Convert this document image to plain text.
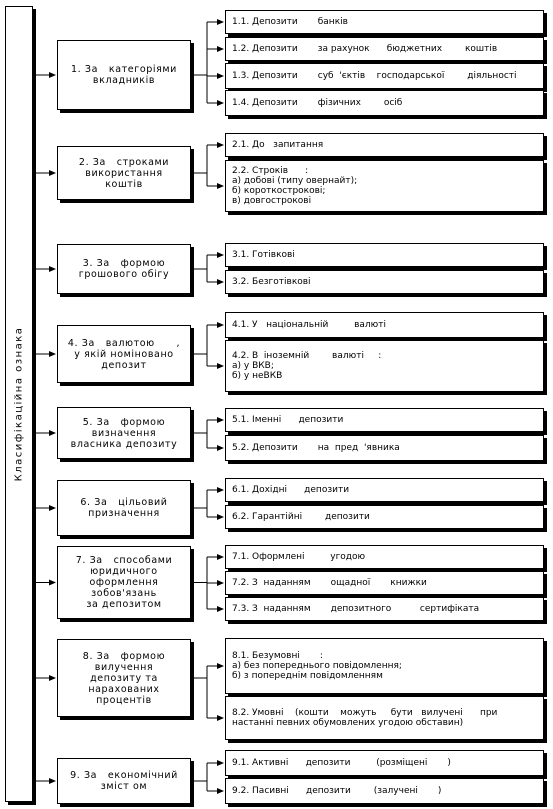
Класифікаційна ознака
1. За   категоріями
вкладників
1.1. Депозити       банків
1.2. Депозити       за рахунок      бюджетних        коштів
1.3. Депозити       суб  'єктів    господарської        діяльності
1.4. Депозити       фізичних        осіб
2. За   строками
використання
коштів
2.1. До   запитання
2.2. Строків      :
а) добові (типу овернайт);
б) короткострокові;
в) довгострокові
3. За   формою
грошового обігу
3.1. Готівкові
3.2. Безготівкові
4. За   валютою      ,
у якій номіновано
депозит
4.1. У   національній         валюті
4.2. В  іноземній        валюті     :
а) у ВКВ;
б) у неВКВ
5. За   формою
визначення
власника депозиту
5.1. Іменні      депозити
5.2. Депозити       на  пред  'явника
6. За   цільовий
призначення
6.1. Дохідні      депозити
6.2. Гарантійні        депозити
7. За   способами
юридичного
оформлення
зобов'язань
за депозитом
7.1. Оформлені         угодою
7.2. З  наданням       ощадної       книжки
7.3. З  наданням       депозитного          сертифіката
8. За   формою
вилучення
депозиту та
нарахованих
процентів
8.1. Безумовні       :
а) без попереднього повідомлення;
б) з попереднім повідомленням
8.2. Умовні    (кошти    можуть     бути   вилучені      при
настанні певних обумовлених угодою обставин)
9. За   економічний
зміст ом
9.1. Активні      депозити         (розміщені       )
9.2. Пасивні      депозити        (залучені       )
